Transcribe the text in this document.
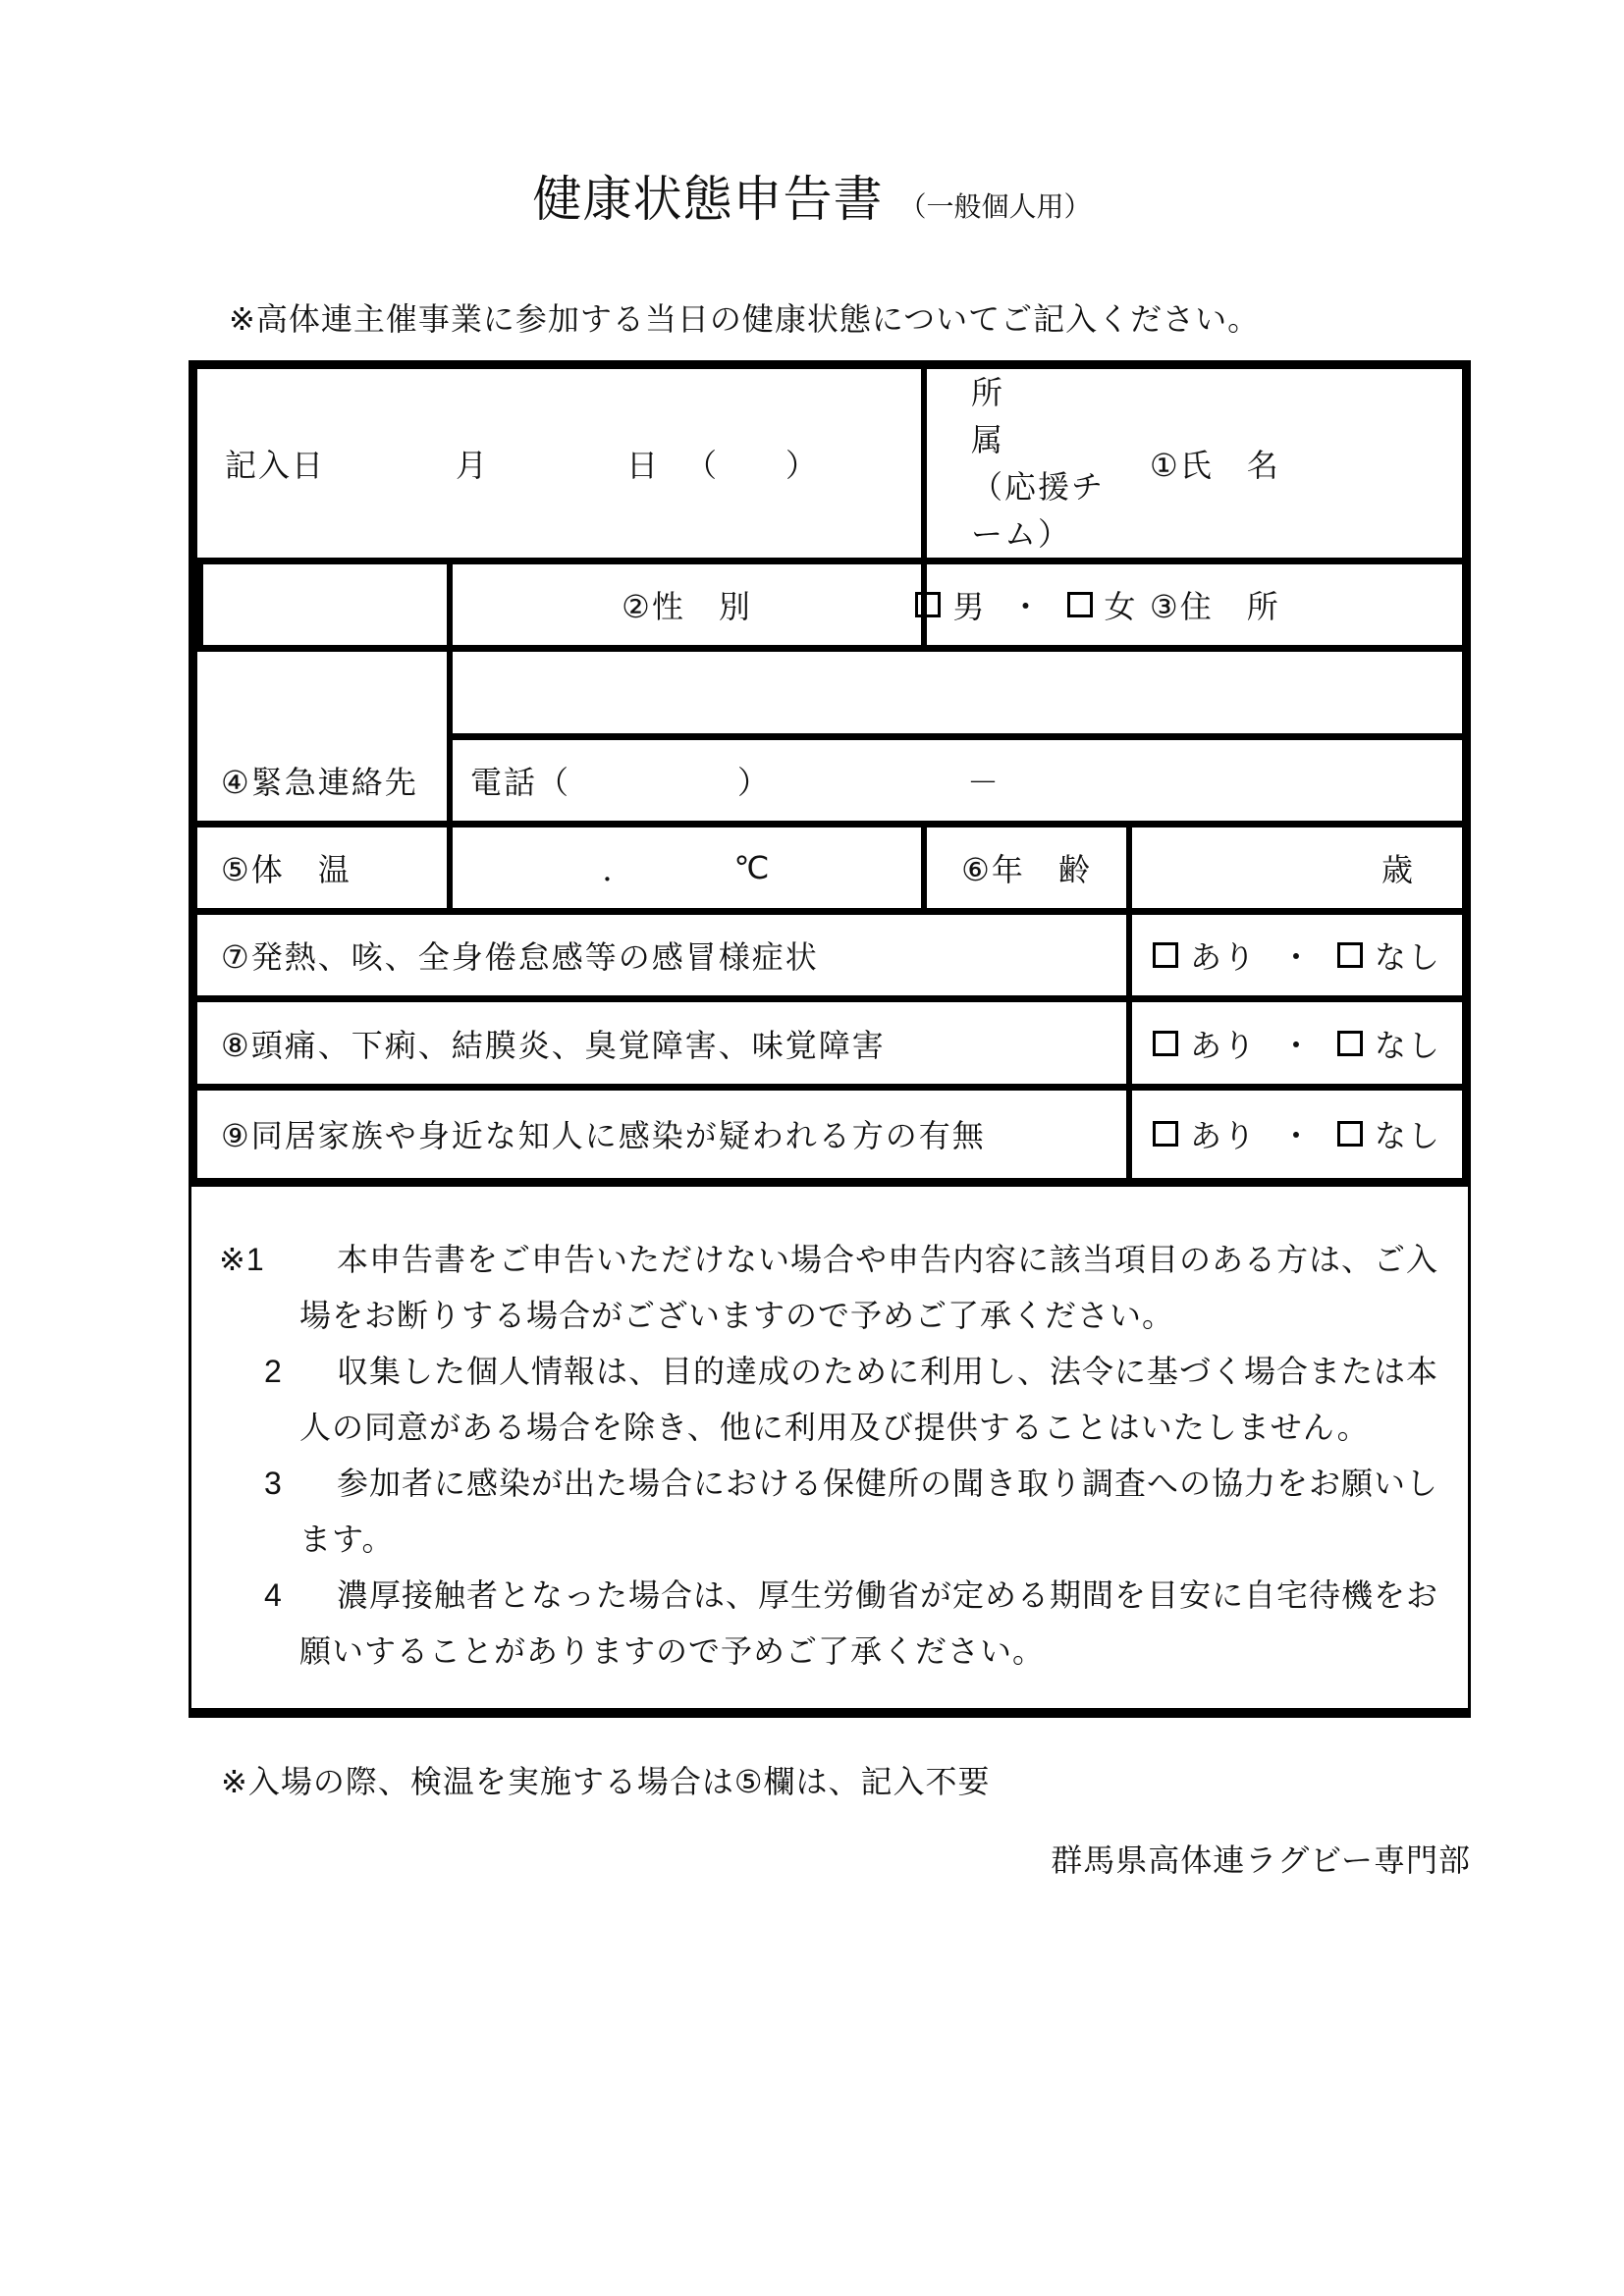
健康状態申告書 （一般個人用）
※高体連主催事業に参加する当日の健康状態についてご記入ください。
記入日	月	日 （　　）
所　　　属
（応援チーム）
①氏　名
②性　別	男 ・ 女 ③住　所
④緊急連絡先	電話（　　　　　）	－
⑤体　温	．	℃	⑥年　齢	歳
⑦発熱、咳、全身倦怠感等の感冒様症状	あり ・ なし
⑧頭痛、下痢、結膜炎、臭覚障害、味覚障害	あり ・ なし
⑨同居家族や身近な知人に感染が疑われる方の有無	あり ・ なし
※1	本申告書をご申告いただけない場合や申告内容に該当項目のある方は、ご入場をお断りする場合がございますので予めご了承ください。
2	収集した個人情報は、目的達成のために利用し、法令に基づく場合または本人の同意がある場合を除き、他に利用及び提供することはいたしません。
3	参加者に感染が出た場合における保健所の聞き取り調査への協力をお願いします。
4	濃厚接触者となった場合は、厚生労働省が定める期間を目安に自宅待機をお願いすることがありますので予めご了承ください。
※入場の際、検温を実施する場合は⑤欄は、記入不要
群馬県高体連ラグビー専門部
